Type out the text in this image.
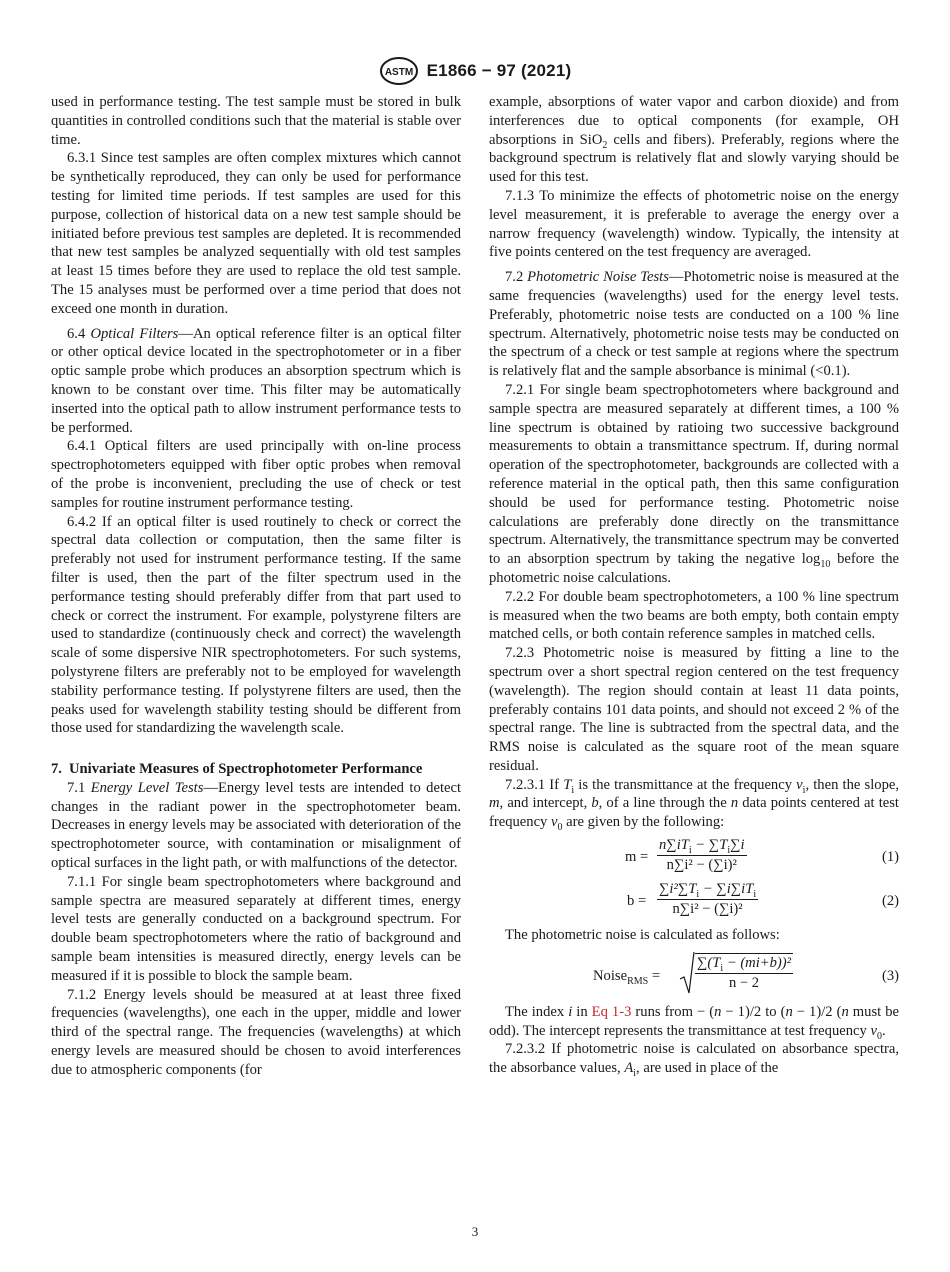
ASTM E1866 − 97 (2021)

used in performance testing. The test sample must be stored in bulk quantities in controlled conditions such that the material is stable over time.

6.3.1 Since test samples are often complex mixtures which cannot be synthetically reproduced, they can only be used for performance testing for limited time periods. If test samples are used for this purpose, collection of historical data on a new test sample should be initiated before previous test samples are depleted. It is recommended that new test samples be analyzed sequentially with old test samples at least 15 times before they are used to replace the old test sample. The 15 analyses must be performed over a time period that does not exceed one month in duration.

6.4 Optical Filters—An optical reference filter is an optical filter or other optical device located in the spectrophotometer or in a fiber optic sample probe which produces an absorption spectrum which is known to be constant over time. This filter may be automatically inserted into the optical path to allow instrument performance tests to be performed.

6.4.1 Optical filters are used principally with on-line process spectrophotometers equipped with fiber optic probes when removal of the probe is inconvenient, precluding the use of check or test samples for routine instrument performance testing.

6.4.2 If an optical filter is used routinely to check or correct the spectral data collection or computation, then the same filter is preferably not used for instrument performance testing. If the same filter is used, then the part of the filter spectrum used in the performance testing should preferably differ from that part used to check or correct the instrument. For example, polystyrene filters are used to standardize (continuously check and correct) the wavelength scale of some dispersive NIR spectrophotometers. For such systems, polystyrene filters are preferably not to be employed for wavelength stability performance testing. If polystyrene filters are used, then the peaks used for wavelength stability testing should be different from those used for standardizing the wavelength scale.

7. Univariate Measures of Spectrophotometer Performance

7.1 Energy Level Tests—Energy level tests are intended to detect changes in the radiant power in the spectrophotometer beam. Decreases in energy levels may be associated with deterioration of the spectrophotometer source, with contamination or misalignment of optical surfaces in the light path, or with malfunctions of the detector.

7.1.1 For single beam spectrophotometers where background and sample spectra are measured separately at different times, energy level tests are generally conducted on a background spectrum. For double beam spectrophotometers where the ratio of background and sample beam intensities is measured directly, energy levels can be measured if it is possible to block the sample beam.

7.1.2 Energy levels should be measured at at least three fixed frequencies (wavelengths), one each in the upper, middle and lower third of the spectral range. The frequencies (wavelengths) at which energy levels are measured should be chosen to avoid interferences due to atmospheric components (for

example, absorptions of water vapor and carbon dioxide) and from interferences due to optical components (for example, OH absorptions in SiO$_2$ cells and fibers). Preferably, regions where the background spectrum is relatively flat and slowly varying should be used for this test.

7.1.3 To minimize the effects of photometric noise on the energy level measurement, it is preferable to average the energy over a narrow frequency (wavelength) window. Typically, the intensity at five points centered on the test frequency are averaged.

7.2 Photometric Noise Tests—Photometric noise is measured at the same frequencies (wavelengths) used for the energy level tests. Preferably, photometric noise tests are conducted on a 100 % line spectrum. Alternatively, photometric noise tests may be conducted on the spectrum of a check or test sample at regions where the spectrum is relatively flat and the sample absorbance is minimal (<0.1).

7.2.1 For single beam spectrophotometers where background and sample spectra are measured separately at different times, a 100 % line spectrum is obtained by ratioing two successive background measurements to obtain a transmittance spectrum. If, during normal operation of the spectrophotometer, backgrounds are collected with a reference material in the optical path, then this same configuration should be used for performance testing. Photometric noise calculations are preferably done directly on the transmittance spectrum. Alternatively, the transmittance spectrum may be converted to an absorption spectrum by taking the negative $\log_{10}$ before the photometric noise calculations.

7.2.2 For double beam spectrophotometers, a 100 % line spectrum is measured when the two beams are both empty, both contain empty matched cells, or both contain reference samples in matched cells.

7.2.3 Photometric noise is measured by fitting a line to the spectrum over a short spectral region centered on the test frequency (wavelength). The region should contain at least 11 data points, preferably contains 101 data points, and should not exceed 2 % of the spectral range. The line is subtracted from the spectral data, and the RMS noise is calculated as the square root of the mean square residual.

7.2.3.1 If $T_i$ is the transmittance at the frequency $v_i$, then the slope, m, and intercept, b, of a line through the n data points centered at test frequency $v_0$ are given by the following:

m =
$n\sum iT_i - \sum T_i\sum i$
n∑i² − (∑i)²	(1)
b =
$\sum i^2\sum T_i - \sum i\sum iT_i$
n∑i² − (∑i)²	(2)

The photometric noise is calculated as follows:

Noise$_{RMS}$ = $\frac{\sum(T_i - (mi+b))^2}{n - 2}$	(3)

The index i in Eq 1-3 runs from − (n − 1)/2 to (n − 1)/2 (n must be odd). The intercept represents the transmittance at test frequency $v_0$.

7.2.3.2 If photometric noise is calculated on absorbance spectra, the absorbance values, $A_i$, are used in place of the

3
